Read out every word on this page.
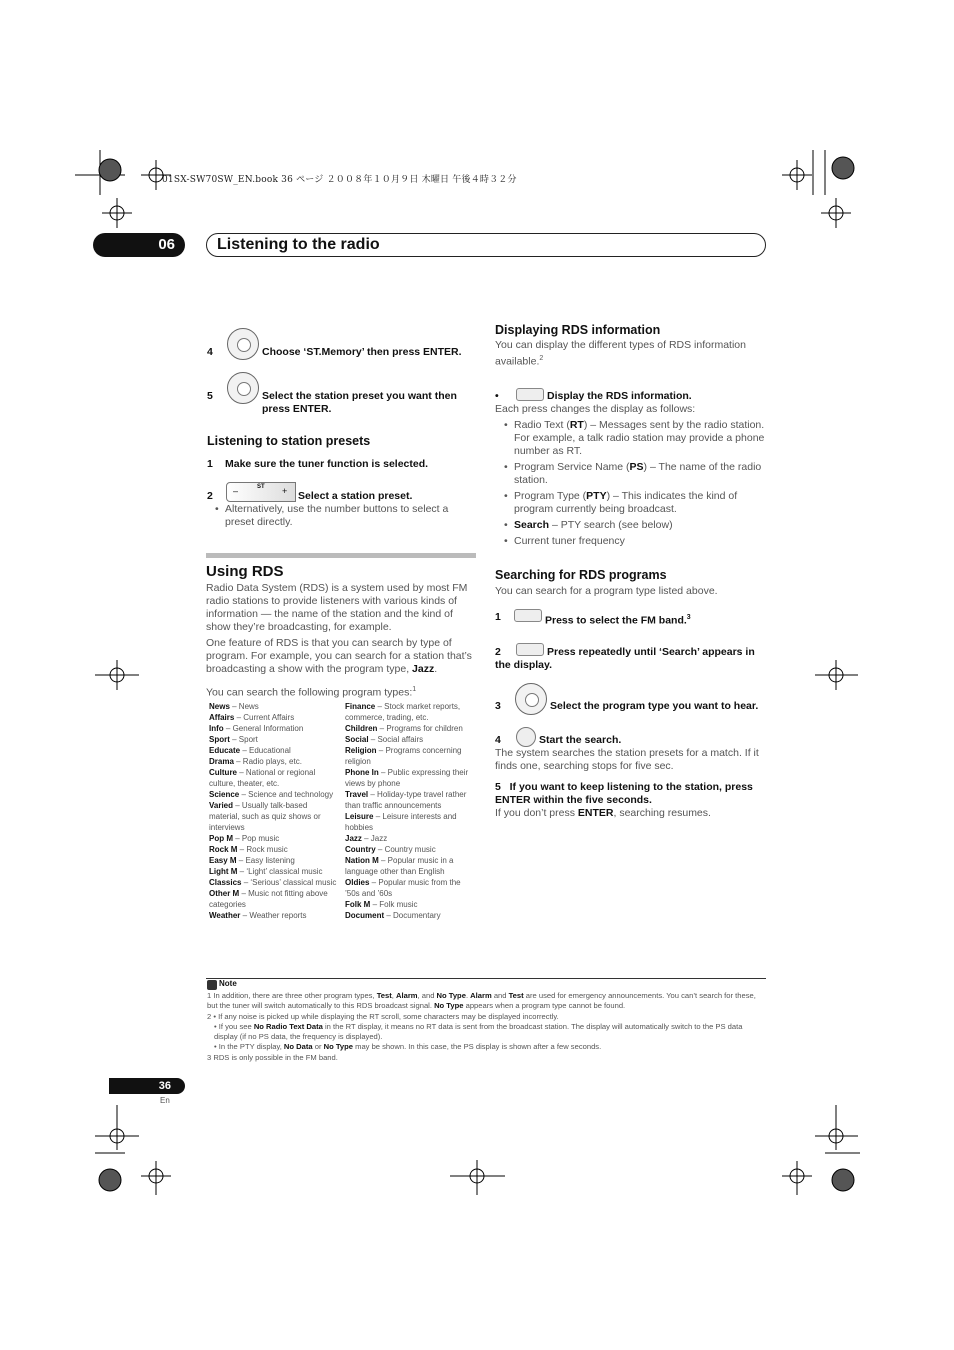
01SX-SW70SW_EN.book 36 ページ ２００８年１０月９日 木曜日 午後４時３２分
06	Listening to the radio
4	Choose ‘ST.Memory’ then press ENTER.
5	Select the station preset you want then press ENTER.
Listening to station presets
1 Make sure the tuner function is selected.
2 –	ST + Select a station preset.
• Alternatively, use the number buttons to select a preset directly.
Using RDS
Radio Data System (RDS) is a system used by most FM radio stations to provide listeners with various kinds of information — the name of the station and the kind of show they’re broadcasting, for example.
One feature of RDS is that you can search by type of program. For example, you can search for a station that’s broadcasting a show with the program type, Jazz.
You can search the following program types:$^1$
News – News
Affairs – Current Affairs
Info – General Information
Sport – Sport
Educate – Educational
Drama – Radio plays, etc.
Culture – National or regional culture, theater, etc.
Science – Science and technology
Varied – Usually talk-based material, such as quiz shows or interviews
Pop M – Pop music
Rock M – Rock music
Easy M – Easy listening
Light M – ‘Light’ classical music
Classics – ‘Serious’ classical music
Other M – Music not fitting above categories
Weather – Weather reports
Finance – Stock market reports, commerce, trading, etc.
Children – Programs for children
Social – Social affairs
Religion – Programs concerning religion
Phone In – Public expressing their views by phone
Travel – Holiday-type travel rather than traffic announcements
Leisure – Leisure interests and hobbies
Jazz – Jazz
Country – Country music
Nation M – Popular music in a language other than English
Oldies – Popular music from the ’50s and ’60s
Folk M – Folk music
Document – Documentary
Displaying RDS information
You can display the different types of RDS information available.$^2$
•	Display the RDS information.
Each press changes the display as follows:
• Radio Text (RT) – Messages sent by the radio station. For example, a talk radio station may provide a phone number as RT.
• Program Service Name (PS) – The name of the radio station.
• Program Type (PTY) – This indicates the kind of program currently being broadcast.
• Search – PTY search (see below)
• Current tuner frequency
Searching for RDS programs
You can search for a program type listed above.
1	Press to select the FM band.$^3$
2	Press repeatedly until ‘Search’ appears in the display.
3	Select the program type you want to hear.
4	Start the search.
The system searches the station presets for a match. If it finds one, searching stops for five sec.
5 If you want to keep listening to the station, press ENTER within the five seconds.
If you don’t press ENTER, searching resumes.
Note
1 In addition, there are three other program types, Test, Alarm, and No Type. Alarm and Test are used for emergency announcements. You can’t search for these, but the tuner will switch automatically to this RDS broadcast signal. No Type appears when a program type cannot be found.
2 • If any noise is picked up while displaying the RT scroll, some characters may be displayed incorrectly.
• If you see No Radio Text Data in the RT display, it means no RT data is sent from the broadcast station. The display will automatically switch to the PS data display (if no PS data, the frequency is displayed).
• In the PTY display, No Data or No Type may be shown. In this case, the PS display is shown after a few seconds.
3 RDS is only possible in the FM band.
36
En
